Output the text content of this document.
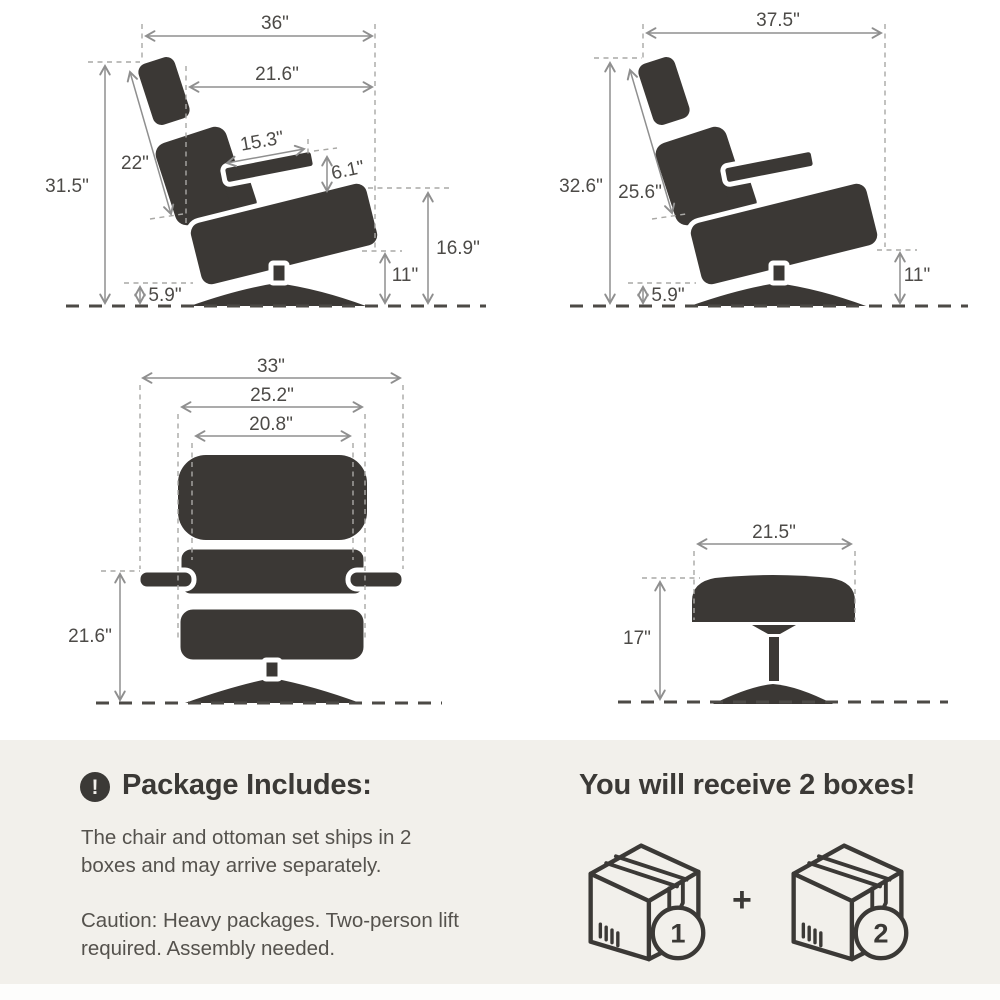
36"
21.6"
31.5"
22"
15.3"
6.1"
16.9"
11"
5.9"
37.5"
32.6" 25.6"
5.9"
11"
33"
25.2"
20.8"
21.6"
21.5"
17"
! Package Includes:
The chair and ottoman set ships in 2 boxes and may arrive separately.
Caution: Heavy packages. Two-person lift required. Assembly needed.
You will receive 2 boxes!
1
+
2
